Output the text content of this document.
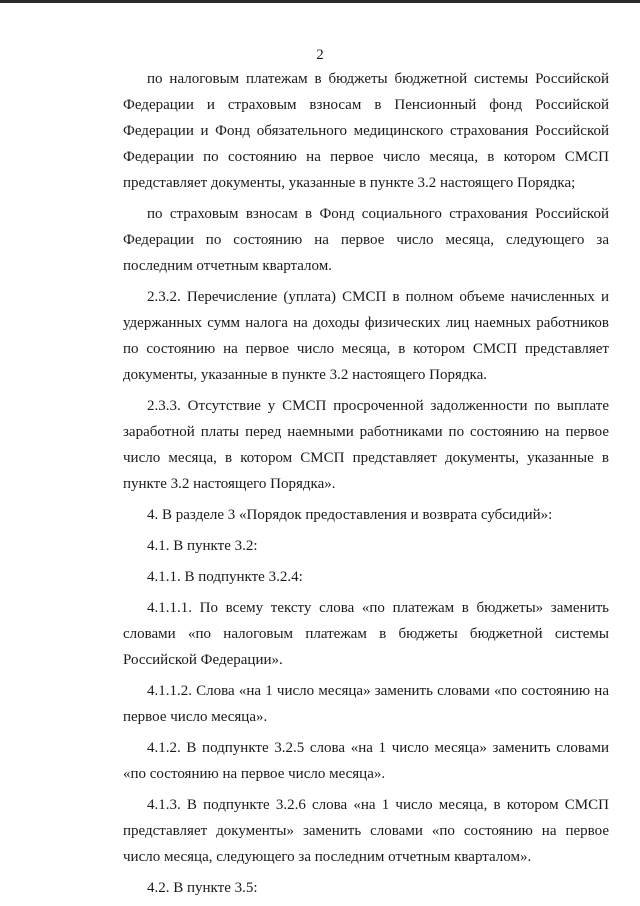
2

по налоговым платежам в бюджеты бюджетной системы Российской Федерации и страховым взносам в Пенсионный фонд Российской Федерации и Фонд обязательного медицинского страхования Российской Федерации по состоянию на первое число месяца, в котором СМСП представляет документы, указанные в пункте 3.2 настоящего Порядка;

по страховым взносам в Фонд социального страхования Российской Федерации по состоянию на первое число месяца, следующего за последним отчетным кварталом.

2.3.2. Перечисление (уплата) СМСП в полном объеме начисленных и удержанных сумм налога на доходы физических лиц наемных работников по состоянию на первое число месяца, в котором СМСП представляет документы, указанные в пункте 3.2 настоящего Порядка.

2.3.3. Отсутствие у СМСП просроченной задолженности по выплате заработной платы перед наемными работниками по состоянию на первое число месяца, в котором СМСП представляет документы, указанные в пункте 3.2 настоящего Порядка».

4. В разделе 3 «Порядок предоставления и возврата субсидий»:

4.1. В пункте 3.2:

4.1.1. В подпункте 3.2.4:

4.1.1.1. По всему тексту слова «по платежам в бюджеты» заменить словами «по налоговым платежам в бюджеты бюджетной системы Российской Федерации».

4.1.1.2. Слова «на 1 число месяца» заменить словами «по состоянию на первое число месяца».

4.1.2. В подпункте 3.2.5 слова «на 1 число месяца» заменить словами «по состоянию на первое число месяца».

4.1.3. В подпункте 3.2.6 слова «на 1 число месяца, в котором СМСП представляет документы» заменить словами «по состоянию на первое число месяца, следующего за последним отчетным кварталом».

4.2. В пункте 3.5:
